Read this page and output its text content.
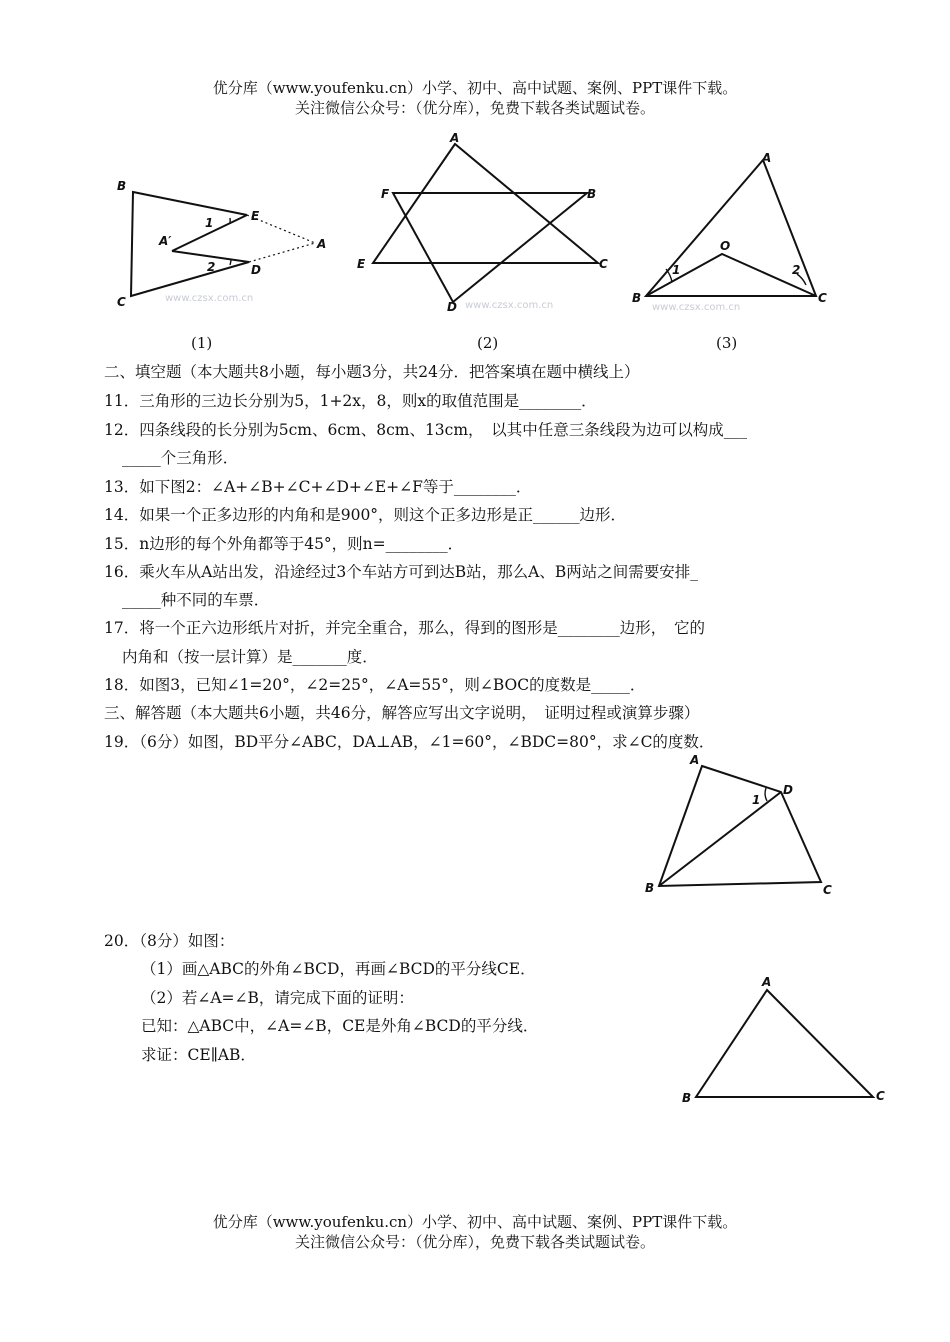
优分库（www.youfenku.cn）小学、初中、高中试题、案例、PPT课件下载。
关注微信公众号：（优分库），免费下载各类试题试卷。
B
C
E
D
A
A′
1
2
www.czsx.com.cn
(1)
A
F	B
E	C
D www.czsx.com.cn
(2)
A
O
B	C
1	2
www.czsx.com.cn
(3)
二、填空题（本大题共8小题，每小题3分，共24分．把答案填在题中横线上）
11．三角形的三边长分别为5，1+2x，8，则x的取值范围是________．
12．四条线段的长分别为5cm、6cm、8cm、13cm，　以其中任意三条线段为边可以构成___
_____个三角形．
13．如下图2：∠A+∠B+∠C+∠D+∠E+∠F等于________．
14．如果一个正多边形的内角和是900°，则这个正多边形是正______边形．
15．n边形的每个外角都等于45°，则n=________．
16．乘火车从A站出发，沿途经过3个车站方可到达B站，那么A、B两站之间需要安排_
_____种不同的车票．
17．将一个正六边形纸片对折，并完全重合，那么，得到的图形是________边形，　它的
内角和（按一层计算）是_______度．
18．如图3，已知∠1=20°，∠2=25°，∠A=55°，则∠BOC的度数是_____．
三、解答题（本大题共6小题，共46分，解答应写出文字说明，　证明过程或演算步骤）
19．（6分）如图，BD平分∠ABC，DA⊥AB，∠1=60°，∠BDC=80°，求∠C的度数．
A
D
B	C
1
20．（8分）如图：
（1）画△ABC的外角∠BCD，再画∠BCD的平分线CE．
（2）若∠A=∠B，请完成下面的证明：
已知：△ABC中，∠A=∠B，CE是外角∠BCD的平分线．
求证：CE∥AB．
A
B	C
优分库（www.youfenku.cn）小学、初中、高中试题、案例、PPT课件下载。
关注微信公众号：（优分库），免费下载各类试题试卷。
